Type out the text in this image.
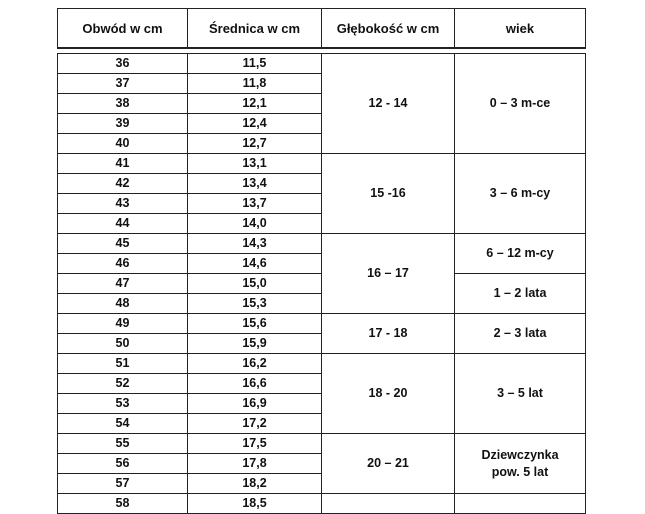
Obwód w cm	Średnica w cm	Głębokość w cm	wiek

36	11,5	12 - 14	0 – 3 m-ce
37	11,8		
38	12,1		
39	12,4		
40	12,7		
41	13,1	15 -16	3 – 6 m-cy
42	13,4		
43	13,7		
44	14,0		
45	14,3	16 – 17	6 – 12 m-cy
46	14,6		
47	15,0		1 – 2 lata
48	15,3		
49	15,6	17 - 18	2 – 3 lata
50	15,9		
51	16,2	18 - 20	3 – 5 lat
52	16,6		
53	16,9		
54	17,2		
55	17,5	20 – 21	Dziewczynka
pow. 5 lat
56	17,8		
57	18,2		
58	18,5		
